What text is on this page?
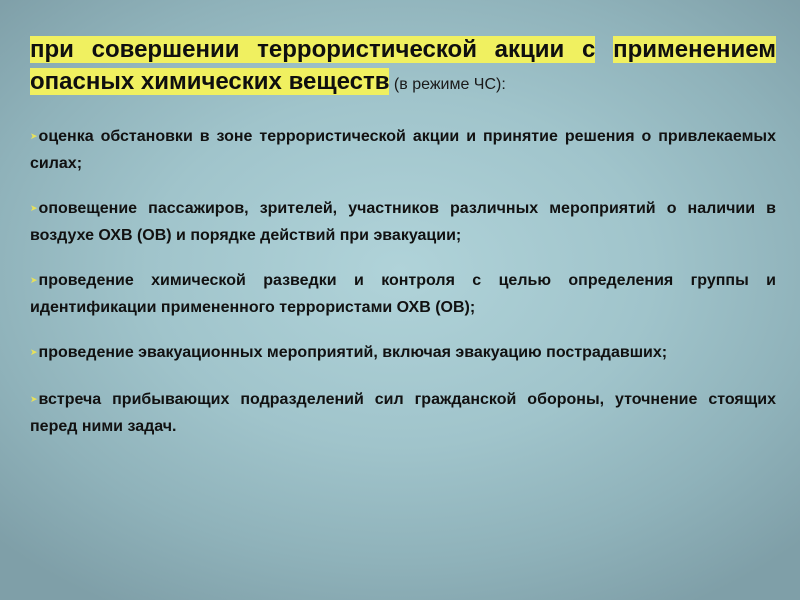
при совершении террористической акции с применением опасных химических веществ (в режиме ЧС):

➤оценка обстановки в зоне террористической акции и принятие решения о привлекаемых силах;

➤оповещение пассажиров, зрителей, участников различных мероприятий о наличии в воздухе ОХВ (ОВ) и порядке действий при эвакуации;

➤проведение химической разведки и контроля с целью определения группы и идентификации примененного террористами ОХВ (ОВ);

➤проведение эвакуационных мероприятий, включая эвакуацию пострадавших;

➤встреча прибывающих подразделений сил гражданской обороны, уточнение стоящих перед ними задач.
